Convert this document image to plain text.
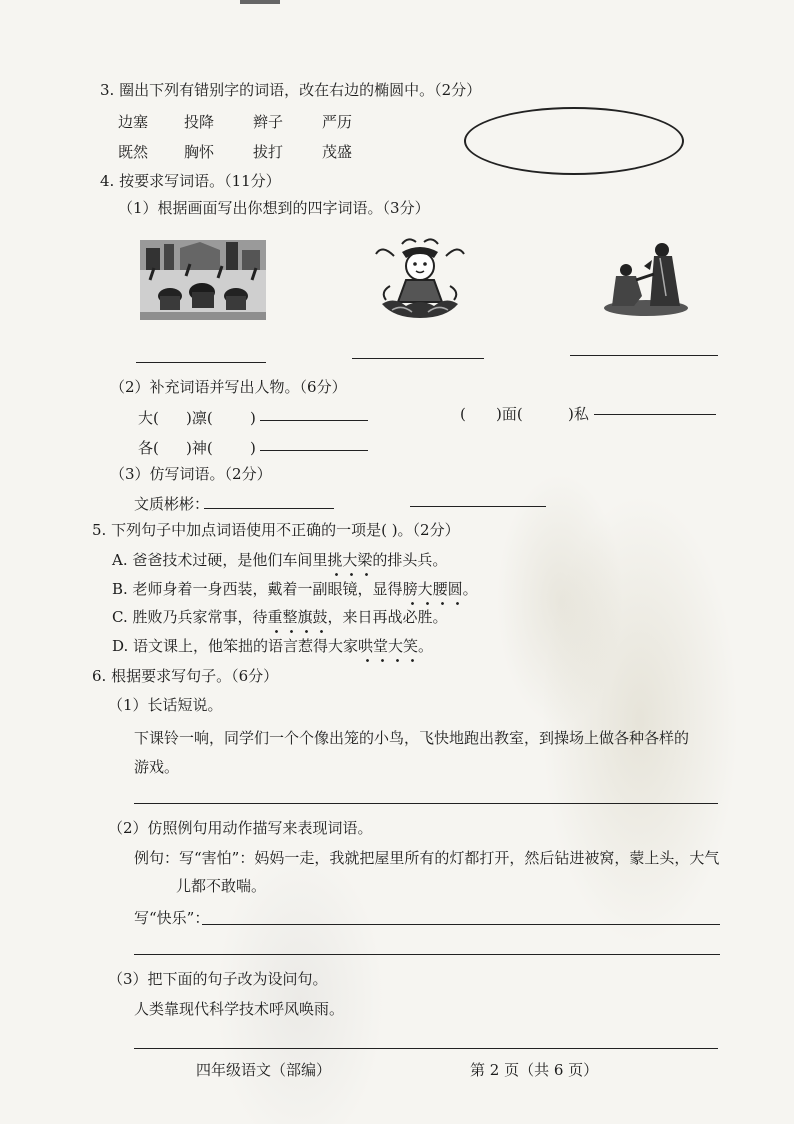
3. 圈出下列有错别字的词语，改在右边的椭圆中。（2分）
边塞 投降	辫子	严历
既然 胸怀	拔打	茂盛
4. 按要求写词语。（11分）
（1）根据画面写出你想到的四字词语。（3分）
（2）补充词语并写出人物。（6分）
大( )凛( )	( )面(	)私
各( )神( )
（3）仿写词语。（2分）
文质彬彬：
5. 下列句子中加点词语使用不正确的一项是( )。（2分）
A. 爸爸技术过硬，是他们车间里挑大梁的排头兵。
B. 老师身着一身西装，戴着一副眼镜，显得膀大腰圆。
C. 胜败乃兵家常事，待重整旗鼓，来日再战必胜。
D. 语文课上，他笨拙的语言惹得大家哄堂大笑。
6. 根据要求写句子。（6分）
（1）长话短说。
下课铃一响，同学们一个个像出笼的小鸟，飞快地跑出教室，到操场上做各种各样的
游戏。
（2）仿照例句用动作描写来表现词语。
例句：写“害怕”：妈妈一走，我就把屋里所有的灯都打开，然后钻进被窝，蒙上头，大气
儿都不敢喘。
写“快乐”：
（3）把下面的句子改为设问句。
人类靠现代科学技术呼风唤雨。
四年级语文（部编）	第 2 页（共 6 页）
